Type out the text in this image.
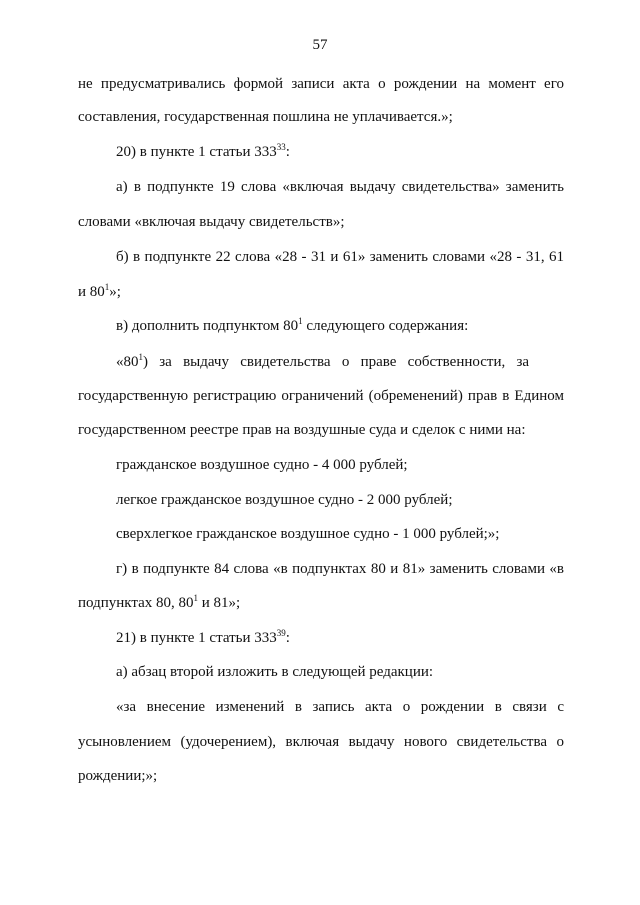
57
не предусматривались формой записи акта о рождении на момент его
составления, государственная пошлина не уплачивается.»;
20) в пункте 1 статьи $333^{33}$:
а) в подпункте 19 слова «включая выдачу свидетельства» заменить
словами «включая выдачу свидетельств»;
б) в подпункте 22 слова «28 - 31 и 61» заменить словами «28 - 31, 61
и $80^1$»;
в) дополнить подпунктом $80^1$ следующего содержания:
«$80^1$)   за   выдачу   свидетельства   о   праве   собственности,   за
государственную регистрацию ограничений (обременений) прав в Едином
государственном реестре прав на воздушные суда и сделок с ними на:
гражданское воздушное судно - 4 000 рублей;
легкое гражданское воздушное судно - 2 000 рублей;
сверхлегкое гражданское воздушное судно - 1 000 рублей;»;
г) в подпункте 84 слова «в подпунктах 80 и 81» заменить словами «в
подпунктах 80, $80^1$ и 81»;
21) в пункте 1 статьи $333^{39}$:
а) абзац второй изложить в следующей редакции:
«за внесение изменений в запись акта о рождении в связи с
усыновлением (удочерением), включая выдачу нового свидетельства о
рождении;»;
